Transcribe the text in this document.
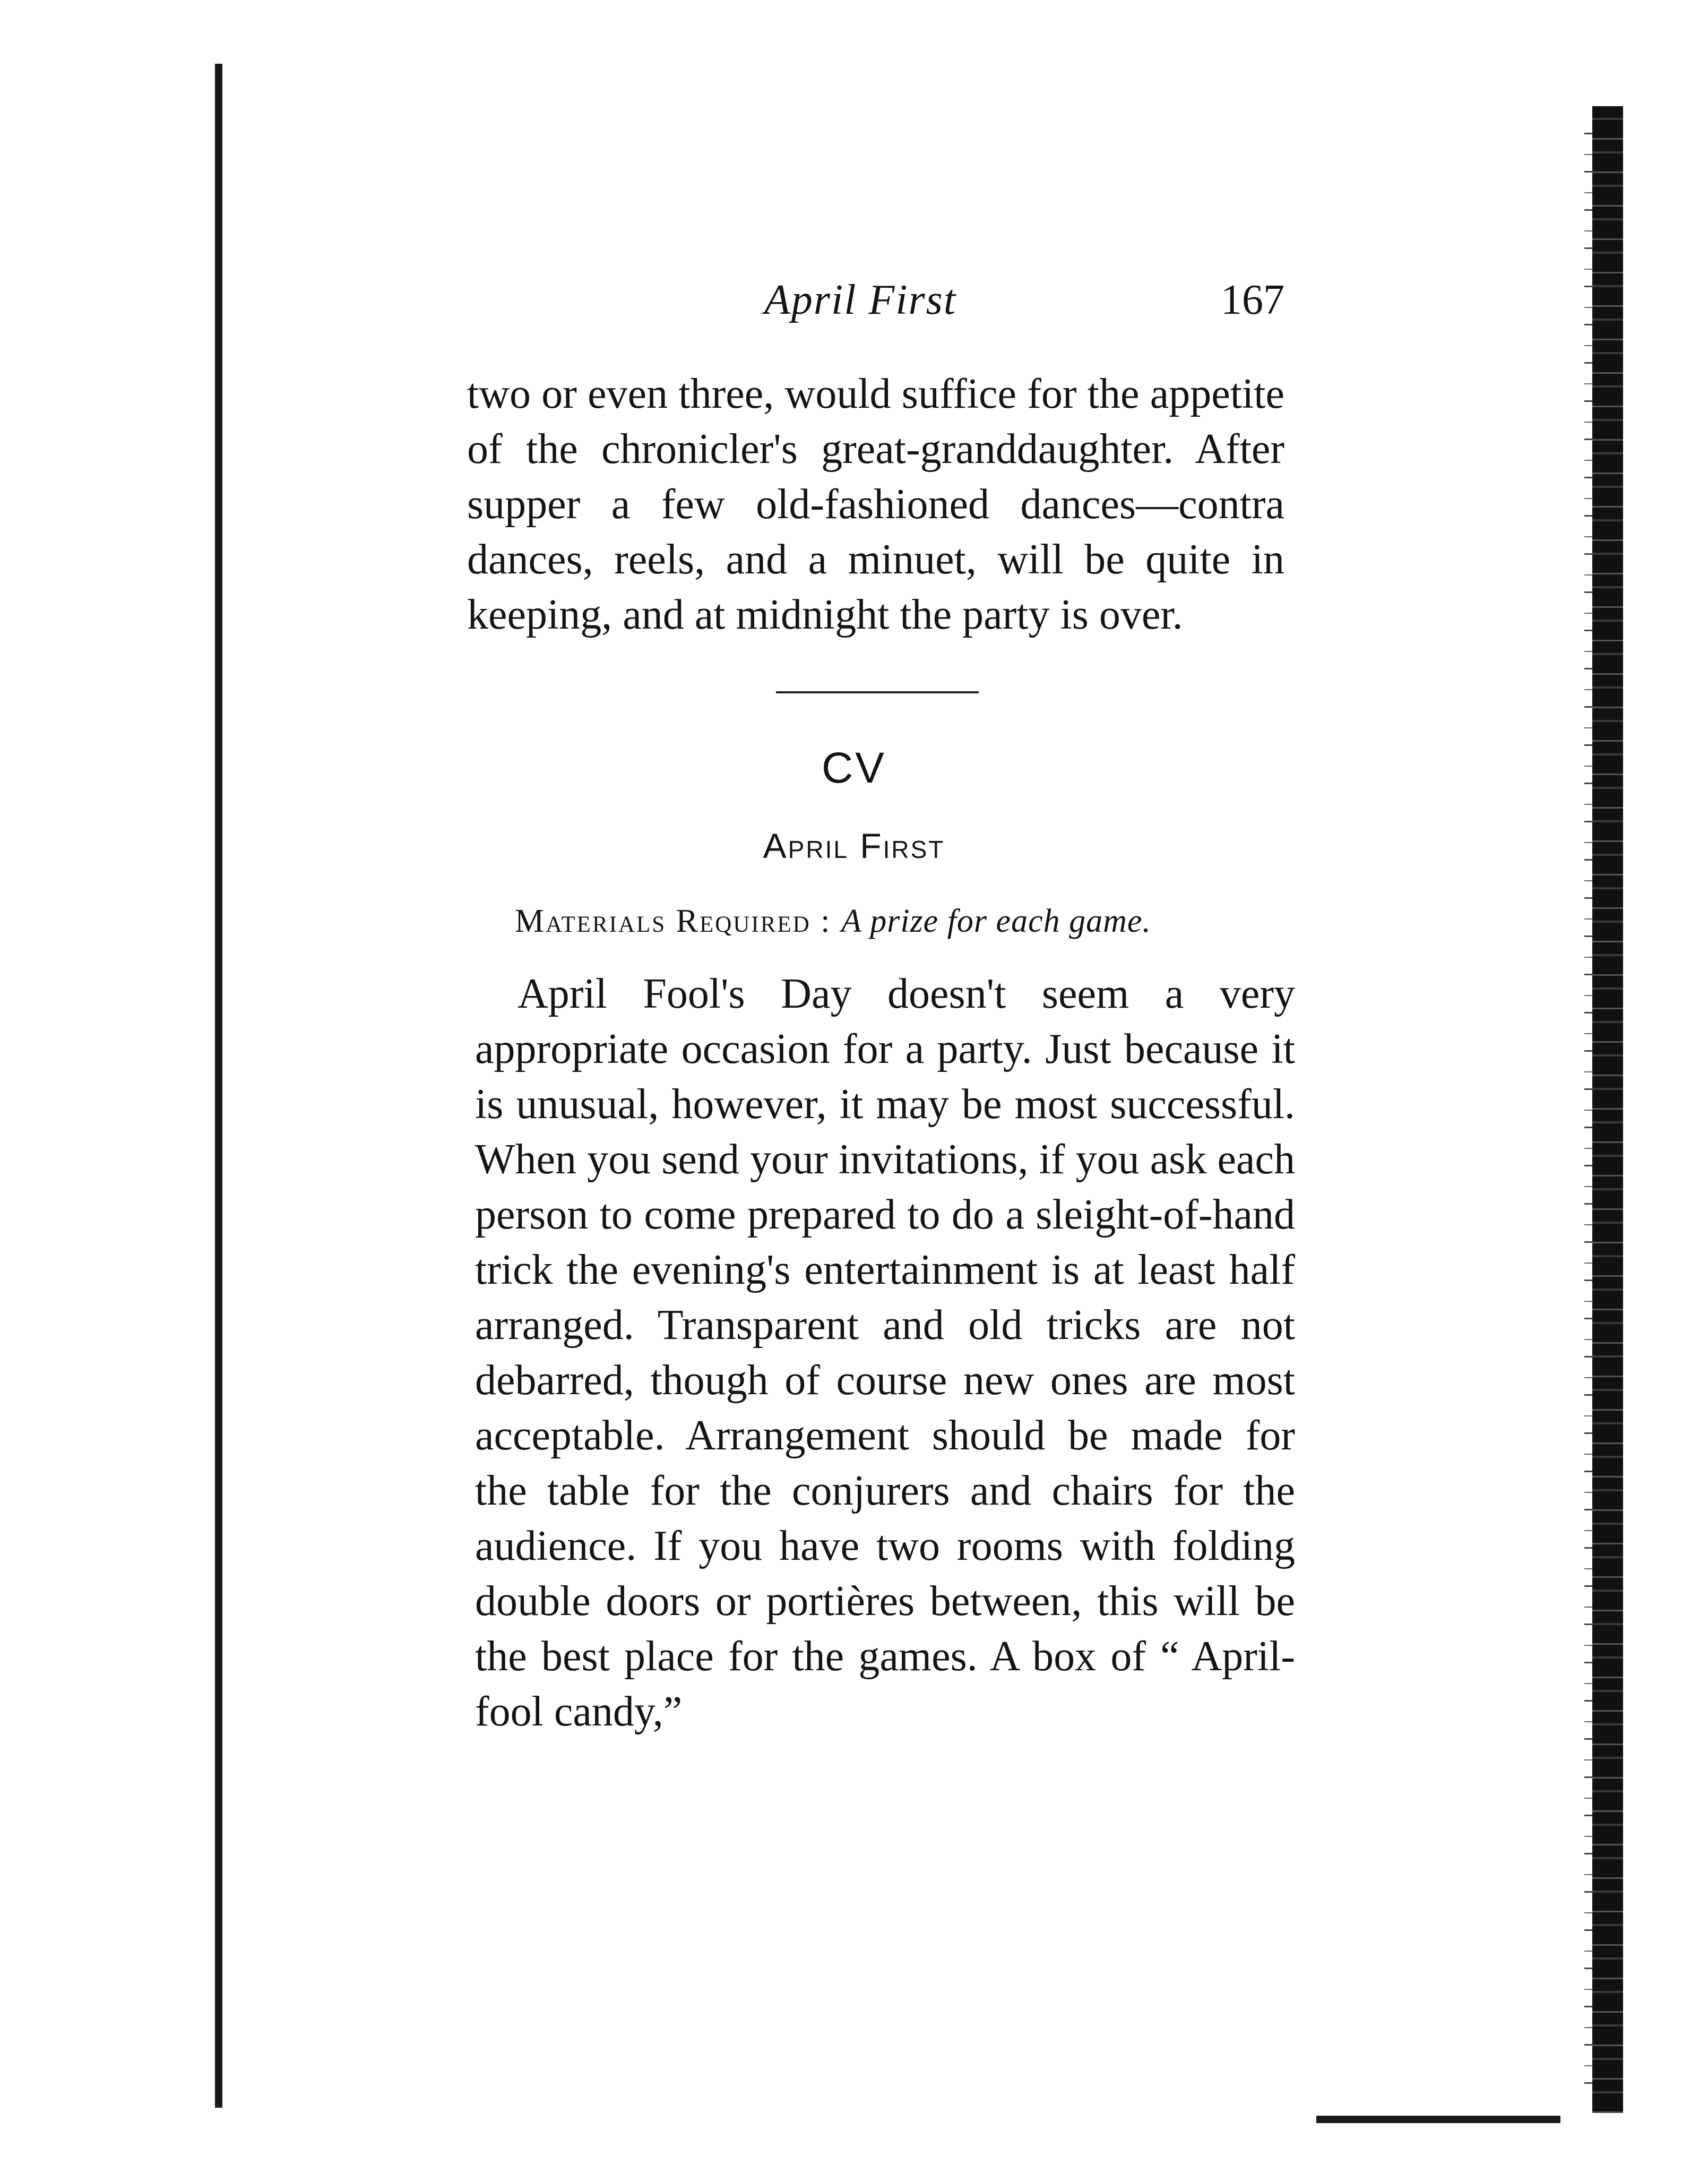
April First	167

two or even three, would suffice for the appetite of the chronicler's great-granddaughter. After supper a few old-fashioned dances—contra dances, reels, and a minuet, will be quite in keeping, and at midnight the party is over.

CV
April First
Materials Required : A prize for each game.

April Fool's Day doesn't seem a very appropriate occasion for a party. Just because it is unusual, however, it may be most successful. When you send your invitations, if you ask each person to come prepared to do a sleight-of-hand trick the evening's entertainment is at least half arranged. Transparent and old tricks are not debarred, though of course new ones are most acceptable. Arrangement should be made for the table for the conjurers and chairs for the audience. If you have two rooms with folding double doors or portières between, this will be the best place for the games. A box of “ April-fool candy,”
